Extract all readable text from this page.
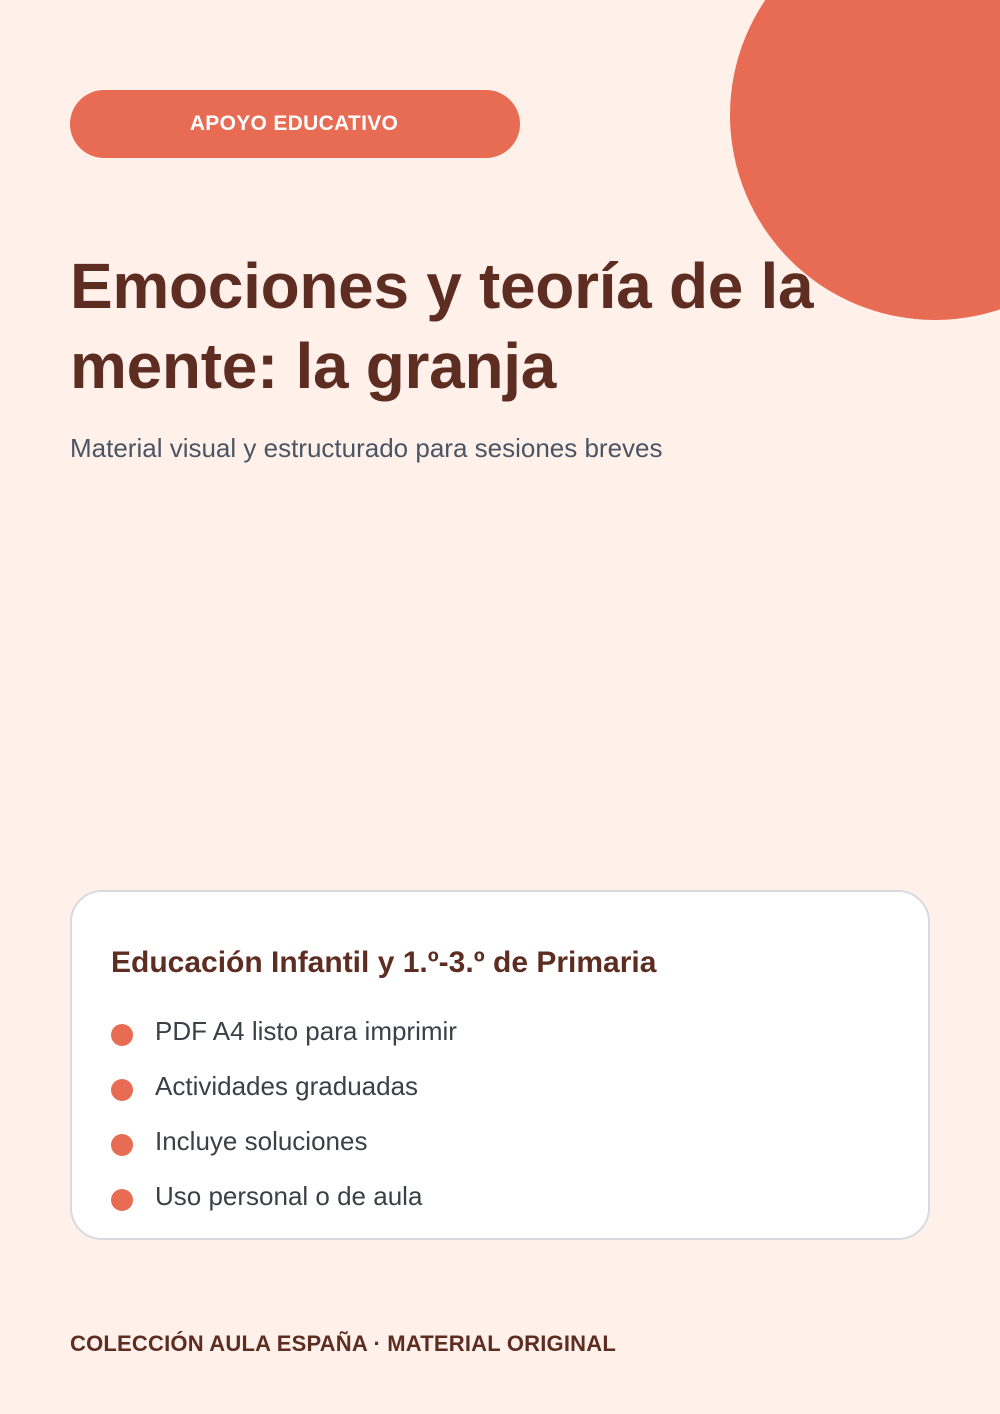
APOYO EDUCATIVO
Emociones y teoría de la mente: la granja

Material visual y estructurado para sesiones breves

Educación Infantil y 1.º-3.º de Primaria
PDF A4 listo para imprimir
Actividades graduadas
Incluye soluciones
Uso personal o de aula

COLECCIÓN AULA ESPAÑA · MATERIAL ORIGINAL
